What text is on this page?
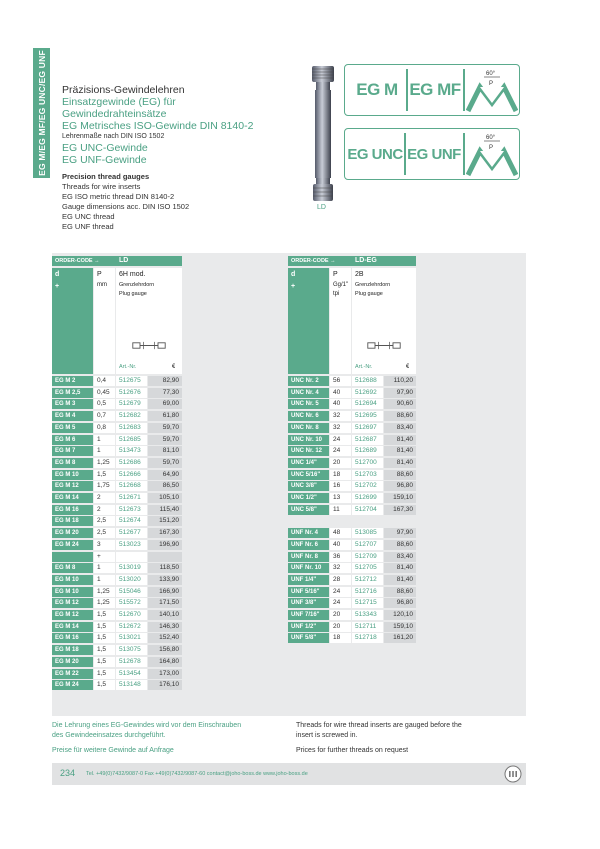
EG M/EG MF/EG UNC/EG UNF Präzisions-Gewindelehren
Einsatzgewinde (EG) für
Gewindedrahteinsätze
EG Metrisches ISO-Gewinde DIN 8140-2
Lehrenmaße nach DIN ISO 1502
EG UNC-Gewinde
EG UNF-Gewinde
Precision thread gauges
Threads for wire inserts
EG ISO metric thread DIN 8140-2
Gauge dimensions acc. DIN ISO 1502
EG UNC thread
EG UNF thread
LD
EG M EG MF
60°
P
EG UNC EG UNF
60°
P
ORDER-CODE →	LD
d
+
P
mm
6H mod.
Grenzlehrdorn
Plug gauge
Art.-Nr.	€
EG M 2	0,4	512675	82,90
EG M 2,5	0,45	512676	77,30
EG M 3	0,5	512679	69,00
EG M 4	0,7	512682	61,80
EG M 5	0,8	512683	59,70
EG M 6	1	512685	59,70
EG M 7	1	513473	81,10
EG M 8	1,25	512686	59,70
EG M 10	1,5	512666	64,90
EG M 12	1,75	512668	86,50
EG M 14	2	512671	105,10
EG M 16	2	512673	115,40
EG M 18	2,5	512674	151,20
EG M 20	2,5	512677	167,30
EG M 24	3	513023	196,90
+
EG M 8	1	513019	118,50
EG M 10	1	513020	133,90
EG M 10	1,25	515046	166,90
EG M 12	1,25	515572	171,50
EG M 12	1,5	512670	140,10
EG M 14	1,5	512672	146,30
EG M 16	1,5	513021	152,40
EG M 18	1,5	513075	156,80
EG M 20	1,5	512678	164,80
EG M 22	1,5	513454	173,00
EG M 24	1,5	513148	176,10
ORDER-CODE →	LD-EG
d
+
P
Gg/1"
tpi
2B
Grenzlehrdorn
Plug gauge
Art.-Nr.	€
UNC Nr. 2	56	512688	110,20
UNC Nr. 4	40	512692	97,90
UNC Nr. 5	40	512694	90,60
UNC Nr. 6	32	512695	88,60
UNC Nr. 8	32	512697	83,40
UNC Nr. 10	24	512687	81,40
UNC Nr. 12	24	512689	81,40
UNC 1/4"	20	512700	81,40
UNC 5/16"	18	512703	88,60
UNC 3/8"	16	512702	96,80
UNC 1/2"	13	512699	159,10
UNC 5/8"	11	512704	167,30
UNF Nr. 4	48	513085	97,90
UNF Nr. 6	40	512707	88,60
UNF Nr. 8	36	512709	83,40
UNF Nr. 10	32	512705	81,40
UNF 1/4"	28	512712	81,40
UNF 5/16"	24	512716	88,60
UNF 3/8"	24	512715	96,80
UNF 7/16"	20	513343	120,10
UNF 1/2"	20	512711	159,10
UNF 5/8"	18	512718	161,20
Die Lehrung eines EG-Gewindes wird vor dem Einschrauben
des Gewindeeinsatzes durchgeführt.
Preise für weitere Gewinde auf Anfrage
Threads for wire thread inserts are gauged before the
insert is screwed in.
Prices for further threads on request
234 Tel. +49(0)7432/9087-0 Fax +49(0)7432/9087-60 contact@joho-boss.de www.joho-boss.de
